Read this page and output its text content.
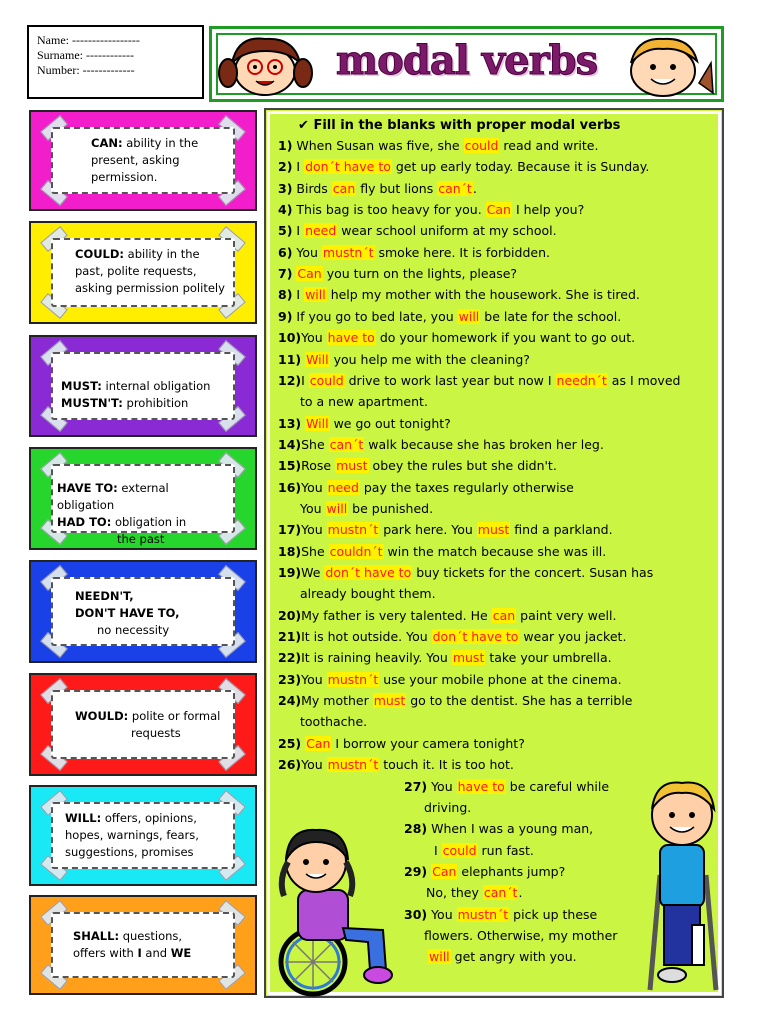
Name: -----------------
Surname: ------------
Number: -------------	modal verbs
CAN: ability in the
present, asking
permission.
COULD: ability in the
past, polite requests,
asking permission politely
MUST: internal obligation
MUSTN'T: prohibition
HAVE TO: external obligation
HAD TO: obligation in
the past
NEEDN'T,
DON'T HAVE TO,
no necessity
WOULD: polite or formal
requests
WILL: offers, opinions,
hopes, warnings, fears,
suggestions, promises
SHALL: questions,
offers with I and WE
✔ Fill in the blanks with proper modal verbs
1) When Susan was five, she could read and write.
2) I don´t have to get up early today. Because it is Sunday.
3) Birds can fly but lions can´t.
4) This bag is too heavy for you. Can I help you?
5) I need wear school uniform at my school.
6) You mustn´t smoke here. It is forbidden.
7) Can you turn on the lights, please?
8) I will help my mother with the housework. She is tired.
9) If you go to bed late, you will be late for the school.
10)You have to do your homework if you want to go out.
11) Will you help me with the cleaning?
12)I could drive to work last year but now I needn´t as I moved
to a new apartment.
13) Will we go out tonight?
14)She can´t walk because she has broken her leg.
15)Rose must obey the rules but she didn't.
16)You need pay the taxes regularly otherwise
You will be punished.
17)You mustn´t park here. You must find a parkland.
18)She couldn´t win the match because she was ill.
19)We don´t have to buy tickets for the concert. Susan has
already bought them.
20)My father is very talented. He can paint very well.
21)It is hot outside. You don´t have to wear you jacket.
22)It is raining heavily. You must take your umbrella.
23)You mustn´t use your mobile phone at the cinema.
24)My mother must go to the dentist. She has a terrible
toothache.
25) Can I borrow your camera tonight?
26)You mustn´t touch it. It is too hot.
27) You have to be careful while
driving.
28) When I was a young man,
I could run fast.
29) Can elephants jump?
No, they can´t.
30) You mustn´t pick up these
flowers. Otherwise, my mother
will get angry with you.
